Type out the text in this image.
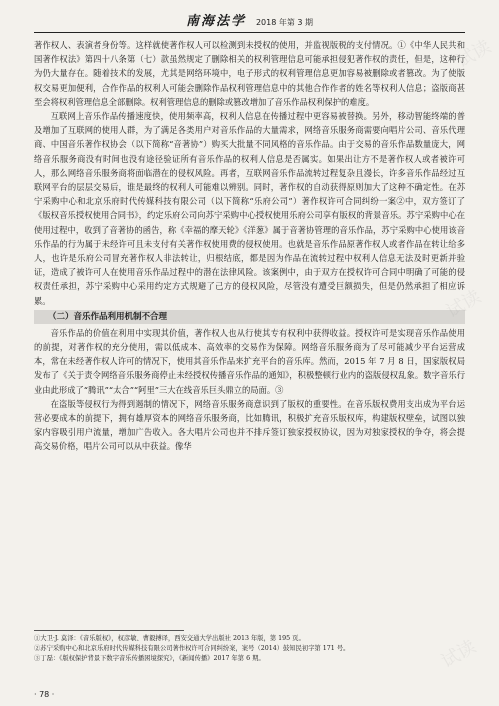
南海法学 2018 年第 3 期

著作权人、表演者身份等。这样就使著作权人可以检测到未授权的使用，并监视版税的支付情况。①《中华人民共和国著作权法》第四十八条第（七）款虽然规定了删除相关的权利管理信息可能承担侵犯著作权的责任，但是，这种行为仍大量存在。随着技术的发展，尤其是网络环境中，电子形式的权利管理信息更加容易被删除或者篡改。为了使版权交易更加便利，合作作品的权利人可能会删除作品权利管理信息中的其他合作作者的姓名等权利人信息；盗版商甚至会将权利管理信息全部删除。权利管理信息的删除或篡改增加了音乐作品权利保护的难度。

互联网上音乐作品传播速度快，使用频率高，权利人信息在传播过程中更容易被替换。另外，移动智能终端的普及增加了互联网的使用人群，为了满足各类用户对音乐作品的大量需求，网络音乐服务商需要向唱片公司、音乐代理商、中国音乐著作权协会（以下简称“音著协”）购买大批量不同风格的音乐作品。由于交易的音乐作品数量庞大，网络音乐服务商没有时间也没有途径验证所有音乐作品的权利人信息是否属实。如果出让方不是著作权人或者被许可人，那么网络音乐服务商将面临潜在的侵权风险。再者，互联网音乐作品流转过程复杂且漫长，许多音乐作品经过互联网平台的层层交易后，谁是最终的权利人可能难以辨别。同时，著作权的自动获得原则加大了这种不确定性。在苏宁采购中心和北京乐府时代传媒科技有限公司（以下简称“乐府公司”）著作权许可合同纠纷一案②中，双方签订了《版权音乐授权使用合同书》，约定乐府公司向苏宁采购中心授权使用乐府公司享有版权的背景音乐。苏宁采购中心在使用过程中，收到了音著协的函告，称《幸福的摩天轮》《洋葱》属于音著协管理的音乐作品，苏宁采购中心使用该音乐作品的行为属于未经许可且未支付有关著作权使用费的侵权使用。也就是音乐作品原著作权人或者作品在转让给多人，也许是乐府公司冒充著作权人非法转让，归根结底，都是因为作品在流转过程中权利人信息无法及时更新并验证，造成了被许可人在使用音乐作品过程中的潜在法律风险。该案例中，由于双方在授权许可合同中明确了可能的侵权责任承担，苏宁采购中心采用约定方式规避了己方的侵权风险，尽管没有遭受巨额损失，但是仍然承担了相应诉累。

（二）音乐作品利用机制不合理

音乐作品的价值在利用中实现其价值，著作权人也从行使其专有权利中获得收益。授权许可是实现音乐作品使用的前提，对著作权的充分使用，需以低成本、高效率的交易作为保障。网络音乐服务商为了尽可能减少平台运营成本，常在未经著作权人许可的情况下，使用其音乐作品来扩充平台的音乐库。然而，2015 年 7 月 8 日，国家版权局发布了《关于责令网络音乐服务商停止未经授权传播音乐作品的通知》，积极整顿行业内的盗版侵权乱象。数字音乐行业由此形成了“腾讯”“太合”“阿里”三大在线音乐巨头鼎立的局面。③

在盗版等侵权行为得到遏制的情况下，网络音乐服务商意识到了版权的重要性。在音乐版权费用支出成为平台运营必要成本的前提下，拥有雄厚资本的网络音乐服务商，比如腾讯，积极扩充音乐版权库，构建版权壁垒，试图以独家内容吸引用户流量，增加广告收入。各大唱片公司也并不排斥签订独家授权协议，因为对独家授权的争夺，将会提高交易价格，唱片公司可以从中获益。像华

①大卫·J. 莫泽：《音乐版权》，权彦敏、曹毅搏译，西安交通大学出版社 2013 年版，第 195 页。
②苏宁采购中心和北京乐府时代传媒科技有限公司著作权许可合同纠纷案，案号（2014）鼓知民初字第 171 号。
③丁磊：《版权保护背景下数字音乐传播困境探究》，《新闻传播》2017 年第 6 期。
· 78 ·
试读
试读
试读
